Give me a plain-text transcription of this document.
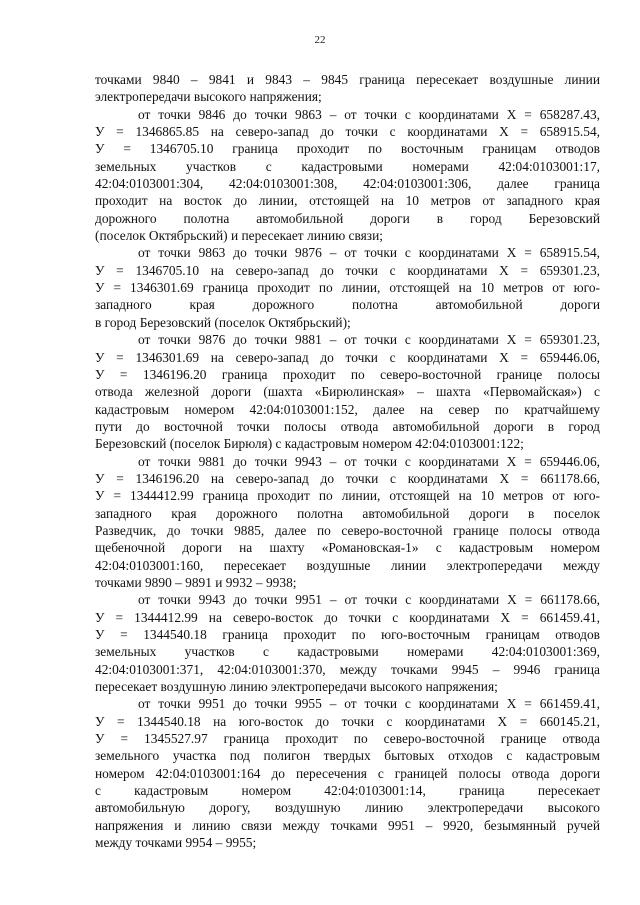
22
точками 9840 – 9841 и 9843 – 9845 граница пересекает воздушные линии
электропередачи высокого напряжения;
от точки 9846 до точки 9863 – от точки с координатами Х = 658287.43,
У = 1346865.85 на северо-запад до точки с координатами Х = 658915.54,
У = 1346705.10 граница проходит по восточным границам отводов
земельных участков с кадастровыми номерами 42:04:0103001:17,
42:04:0103001:304, 42:04:0103001:308, 42:04:0103001:306, далее граница
проходит на восток до линии, отстоящей на 10 метров от западного края
дорожного полотна автомобильной дороги в город Березовский
(поселок Октябрьский) и пересекает линию связи;
от точки 9863 до точки 9876 – от точки с координатами Х = 658915.54,
У = 1346705.10 на северо-запад до точки с координатами Х = 659301.23,
У = 1346301.69 граница проходит по линии, отстоящей на 10 метров от юго-
западного края дорожного полотна автомобильной дороги
в город Березовский (поселок Октябрьский);
от точки 9876 до точки 9881 – от точки с координатами Х = 659301.23,
У = 1346301.69 на северо-запад до точки с координатами Х = 659446.06,
У = 1346196.20 граница проходит по северо-восточной границе полосы
отвода железной дороги (шахта «Бирюлинская» – шахта «Первомайская») с
кадастровым номером 42:04:0103001:152, далее на север по кратчайшему
пути до восточной точки полосы отвода автомобильной дороги в город
Березовский (поселок Бирюля) с кадастровым номером 42:04:0103001:122;
от точки 9881 до точки 9943 – от точки с координатами Х = 659446.06,
У = 1346196.20 на северо-запад до точки с координатами Х = 661178.66,
У = 1344412.99 граница проходит по линии, отстоящей на 10 метров от юго-
западного края дорожного полотна автомобильной дороги в поселок
Разведчик, до точки 9885, далее по северо-восточной границе полосы отвода
щебеночной дороги на шахту «Романовская-1» с кадастровым номером
42:04:0103001:160, пересекает воздушные линии электропередачи между
точками 9890 – 9891 и 9932 – 9938;
от точки 9943 до точки 9951 – от точки с координатами Х = 661178.66,
У = 1344412.99 на северо-восток до точки с координатами Х = 661459.41,
У = 1344540.18 граница проходит по юго-восточным границам отводов
земельных участков с кадастровыми номерами 42:04:0103001:369,
42:04:0103001:371, 42:04:0103001:370, между точками 9945 – 9946 граница
пересекает воздушную линию электропередачи высокого напряжения;
от точки 9951 до точки 9955 – от точки с координатами Х = 661459.41,
У = 1344540.18 на юго-восток до точки с координатами Х = 660145.21,
У = 1345527.97 граница проходит по северо-восточной границе отвода
земельного участка под полигон твердых бытовых отходов с кадастровым
номером 42:04:0103001:164 до пересечения с границей полосы отвода дороги
с кадастровым номером 42:04:0103001:14, граница пересекает
автомобильную дорогу, воздушную линию электропередачи высокого
напряжения и линию связи между точками 9951 – 9920, безымянный ручей
между точками 9954 – 9955;
